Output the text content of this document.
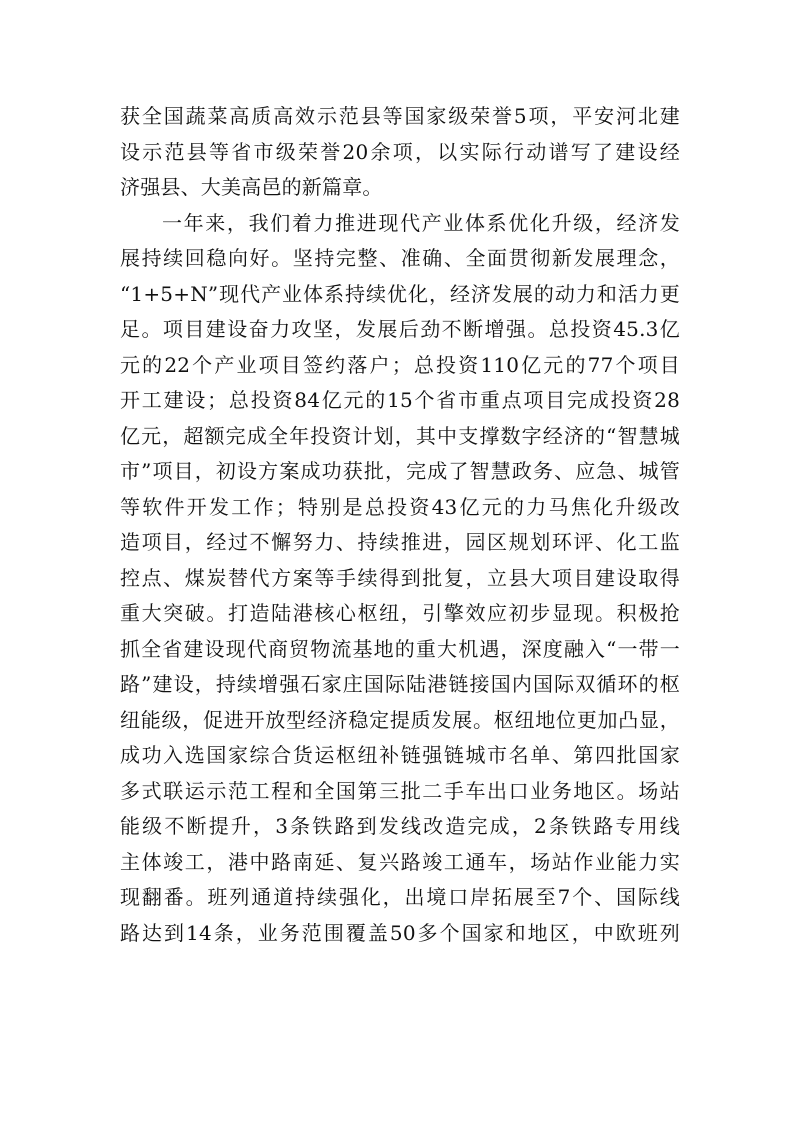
获全国蔬菜高质高效示范县等国家级荣誉5项，平安河北建
设示范县等省市级荣誉20余项，以实际行动谱写了建设经
济强县、大美高邑的新篇章。
一年来，我们着力推进现代产业体系优化升级，经济发
展持续回稳向好。坚持完整、准确、全面贯彻新发展理念，
“1+5+N”现代产业体系持续优化，经济发展的动力和活力更
足。项目建设奋力攻坚，发展后劲不断增强。总投资45.3亿
元的22个产业项目签约落户；总投资110亿元的77个项目
开工建设；总投资84亿元的15个省市重点项目完成投资28
亿元，超额完成全年投资计划，其中支撑数字经济的“智慧城
市”项目，初设方案成功获批，完成了智慧政务、应急、城管
等软件开发工作；特别是总投资43亿元的力马焦化升级改
造项目，经过不懈努力、持续推进，园区规划环评、化工监
控点、煤炭替代方案等手续得到批复，立县大项目建设取得
重大突破。打造陆港核心枢纽，引擎效应初步显现。积极抢
抓全省建设现代商贸物流基地的重大机遇，深度融入“一带一
路”建设，持续增强石家庄国际陆港链接国内国际双循环的枢
纽能级，促进开放型经济稳定提质发展。枢纽地位更加凸显，
成功入选国家综合货运枢纽补链强链城市名单、第四批国家
多式联运示范工程和全国第三批二手车出口业务地区。场站
能级不断提升，3条铁路到发线改造完成，2条铁路专用线
主体竣工，港中路南延、复兴路竣工通车，场站作业能力实
现翻番。班列通道持续强化，出境口岸拓展至7个、国际线
路达到14条，业务范围覆盖50多个国家和地区，中欧班列
